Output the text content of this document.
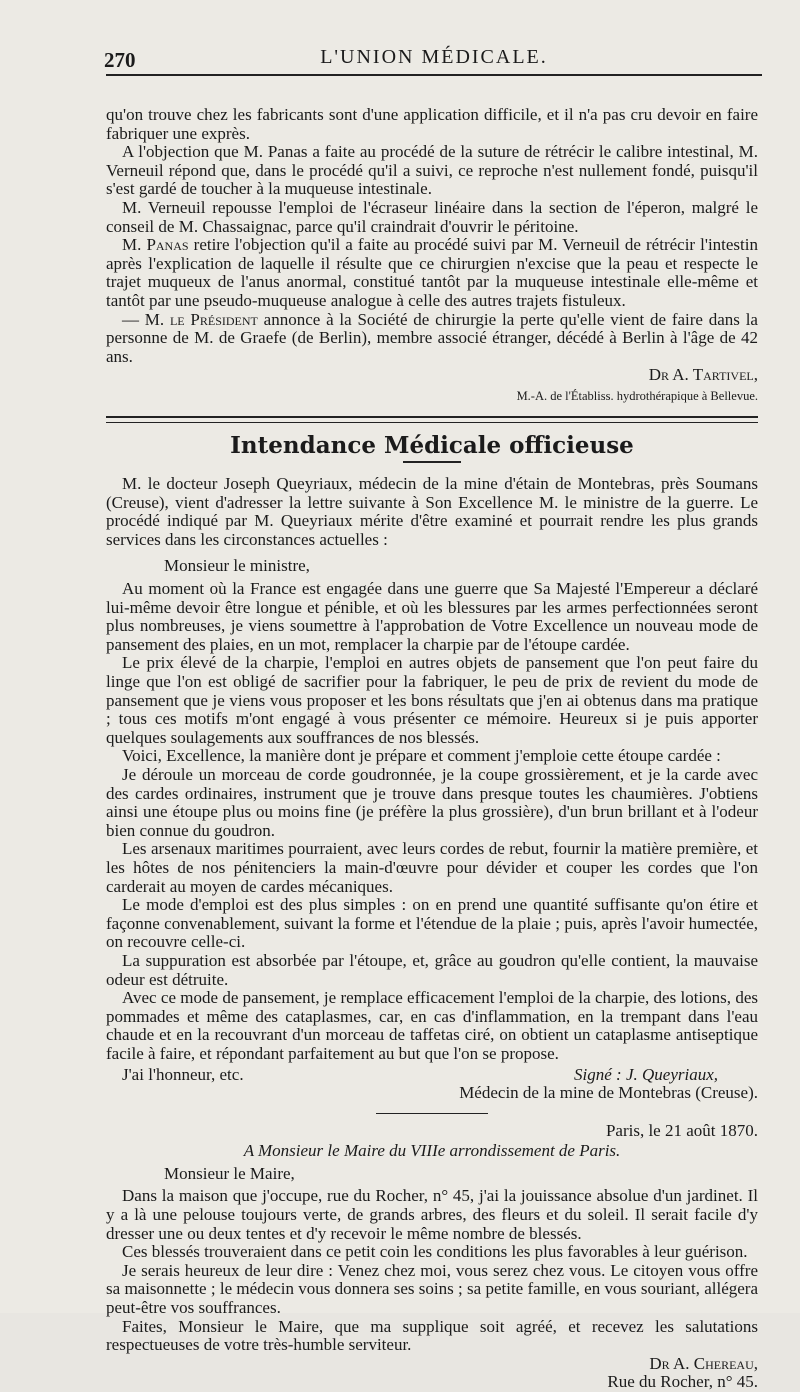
270	L'UNION MÉDICALE.

qu'on trouve chez les fabricants sont d'une application difficile, et il n'a pas cru devoir en faire fabriquer une exprès.

A l'objection que M. Panas a faite au procédé de la suture de rétrécir le calibre intestinal, M. Verneuil répond que, dans le procédé qu'il a suivi, ce reproche n'est nullement fondé, puisqu'il s'est gardé de toucher à la muqueuse intestinale.

M. Verneuil repousse l'emploi de l'écraseur linéaire dans la section de l'éperon, malgré le conseil de M. Chassaignac, parce qu'il craindrait d'ouvrir le péritoine.

M. Panas retire l'objection qu'il a faite au procédé suivi par M. Verneuil de rétrécir l'intestin après l'explication de laquelle il résulte que ce chirurgien n'excise que la peau et respecte le trajet muqueux de l'anus anormal, constitué tantôt par la muqueuse intestinale elle-même et tantôt par une pseudo-muqueuse analogue à celle des autres trajets fistuleux.

— M. le Président annonce à la Société de chirurgie la perte qu'elle vient de faire dans la personne de M. de Graefe (de Berlin), membre associé étranger, décédé à Berlin à l'âge de 42 ans.

Dr A. Tartivel,

M.-A. de l'Établiss. hydrothérapique à Bellevue.

Intendance Médicale officieuse

M. le docteur Joseph Queyriaux, médecin de la mine d'étain de Montebras, près Soumans (Creuse), vient d'adresser la lettre suivante à Son Excellence M. le ministre de la guerre. Le procédé indiqué par M. Queyriaux mérite d'être examiné et pourrait rendre les plus grands services dans les circonstances actuelles :

Monsieur le ministre,

Au moment où la France est engagée dans une guerre que Sa Majesté l'Empereur a déclaré lui-même devoir être longue et pénible, et où les blessures par les armes perfectionnées seront plus nombreuses, je viens soumettre à l'approbation de Votre Excellence un nouveau mode de pansement des plaies, en un mot, remplacer la charpie par de l'étoupe cardée.

Le prix élevé de la charpie, l'emploi en autres objets de pansement que l'on peut faire du linge que l'on est obligé de sacrifier pour la fabriquer, le peu de prix de revient du mode de pansement que je viens vous proposer et les bons résultats que j'en ai obtenus dans ma pratique ; tous ces motifs m'ont engagé à vous présenter ce mémoire. Heureux si je puis apporter quelques soulagements aux souffrances de nos blessés.

Voici, Excellence, la manière dont je prépare et comment j'emploie cette étoupe cardée :

Je déroule un morceau de corde goudronnée, je la coupe grossièrement, et je la carde avec des cardes ordinaires, instrument que je trouve dans presque toutes les chaumières. J'obtiens ainsi une étoupe plus ou moins fine (je préfère la plus grossière), d'un brun brillant et à l'odeur bien connue du goudron.

Les arsenaux maritimes pourraient, avec leurs cordes de rebut, fournir la matière première, et les hôtes de nos pénitenciers la main-d'œuvre pour dévider et couper les cordes que l'on carderait au moyen de cardes mécaniques.

Le mode d'emploi est des plus simples : on en prend une quantité suffisante qu'on étire et façonne convenablement, suivant la forme et l'étendue de la plaie ; puis, après l'avoir humectée, on recouvre celle-ci.

La suppuration est absorbée par l'étoupe, et, grâce au goudron qu'elle contient, la mauvaise odeur est détruite.

Avec ce mode de pansement, je remplace efficacement l'emploi de la charpie, des lotions, des pommades et même des cataplasmes, car, en cas d'inflammation, en la trempant dans l'eau chaude et en la recouvrant d'un morceau de taffetas ciré, on obtient un cataplasme antiseptique facile à faire, et répondant parfaitement au but que l'on se propose.

J'ai l'honneur, etc.	Signé : J. Queyriaux,

Médecin de la mine de Montebras (Creuse).

Paris, le 21 août 1870.

A Monsieur le Maire du VIIIe arrondissement de Paris.

Monsieur le Maire,

Dans la maison que j'occupe, rue du Rocher, n° 45, j'ai la jouissance absolue d'un jardinet. Il y a là une pelouse toujours verte, de grands arbres, des fleurs et du soleil. Il serait facile d'y dresser une ou deux tentes et d'y recevoir le même nombre de blessés.

Ces blessés trouveraient dans ce petit coin les conditions les plus favorables à leur guérison.

Je serais heureux de leur dire : Venez chez moi, vous serez chez vous. Le citoyen vous offre sa maisonnette ; le médecin vous donnera ses soins ; sa petite famille, en vous souriant, allégera peut-être vos souffrances.

Faites, Monsieur le Maire, que ma supplique soit agréé, et recevez les salutations respectueuses de votre très-humble serviteur.

Dr A. Chereau,

Rue du Rocher, n° 45.
